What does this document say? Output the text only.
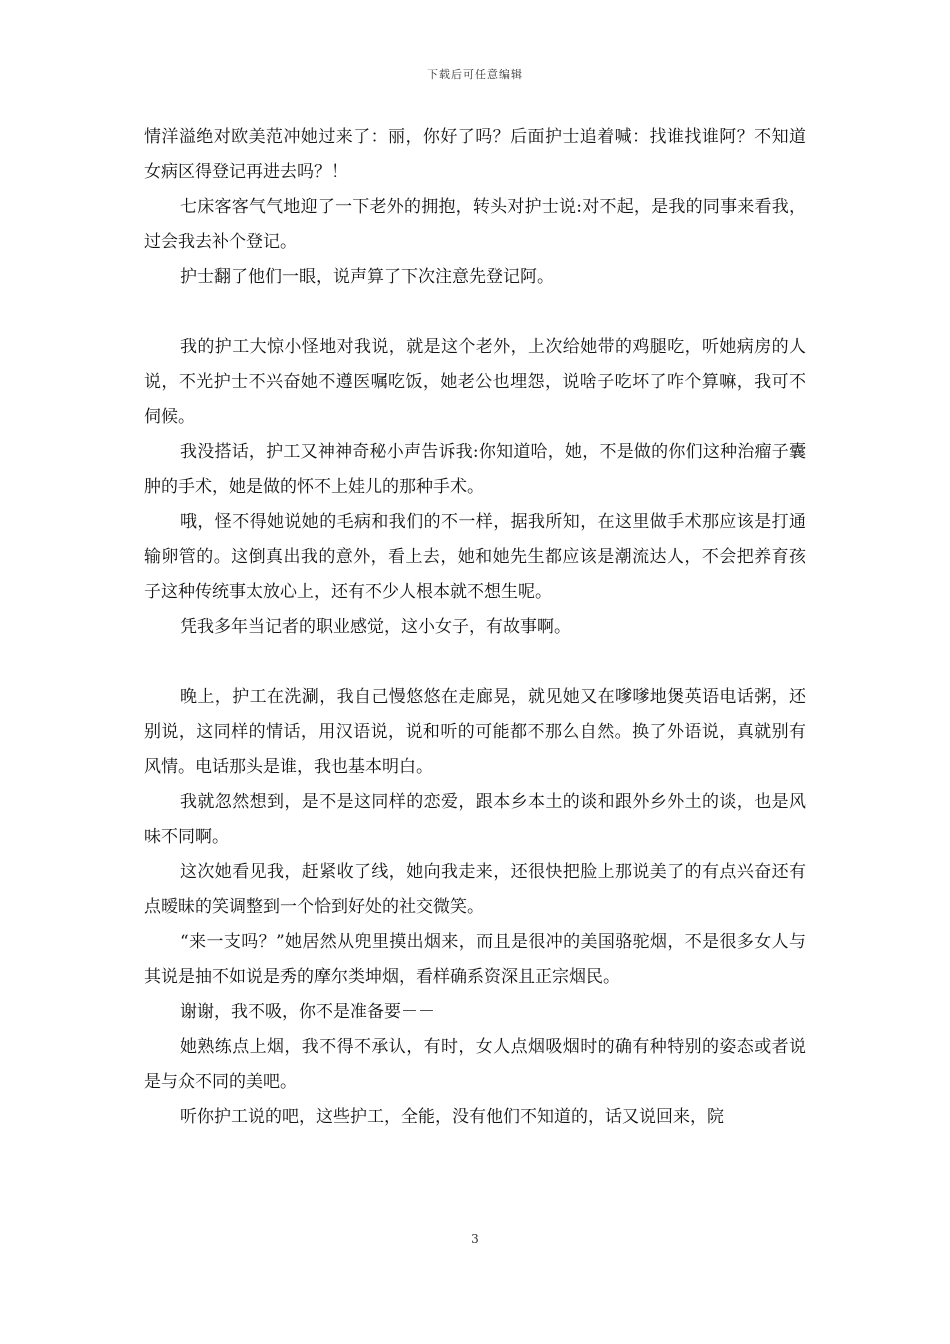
下载后可任意编辑

情洋溢绝对欧美范冲她过来了：丽，你好了吗？后面护士追着喊：找谁找谁阿？不知道女病区得登记再进去吗？！

七床客客气气地迎了一下老外的拥抱，转头对护士说:对不起，是我的同事来看我，过会我去补个登记。

护士翻了他们一眼，说声算了下次注意先登记阿。

我的护工大惊小怪地对我说，就是这个老外，上次给她带的鸡腿吃，听她病房的人说，不光护士不兴奋她不遵医嘱吃饭，她老公也埋怨，说啥子吃坏了咋个算嘛，我可不伺候。

我没搭话，护工又神神奇秘小声告诉我:你知道哈，她，不是做的你们这种治瘤子囊肿的手术，她是做的怀不上娃儿的那种手术。

哦，怪不得她说她的毛病和我们的不一样，据我所知，在这里做手术那应该是打通输卵管的。这倒真出我的意外，看上去，她和她先生都应该是潮流达人，不会把养育孩子这种传统事太放心上，还有不少人根本就不想生呢。

凭我多年当记者的职业感觉，这小女子，有故事啊。

晚上，护工在洗涮，我自己慢悠悠在走廊晃，就见她又在嗲嗲地煲英语电话粥，还别说，这同样的情话，用汉语说，说和听的可能都不那么自然。换了外语说，真就别有风情。电话那头是谁，我也基本明白。

我就忽然想到，是不是这同样的恋爱，跟本乡本土的谈和跟外乡外土的谈，也是风味不同啊。

这次她看见我，赶紧收了线，她向我走来，还很快把脸上那说美了的有点兴奋还有点暧昧的笑调整到一个恰到好处的社交微笑。

“来一支吗？”她居然从兜里摸出烟来，而且是很冲的美国骆驼烟，不是很多女人与其说是抽不如说是秀的摩尔类坤烟，看样确系资深且正宗烟民。

谢谢，我不吸，你不是准备要－－

她熟练点上烟，我不得不承认，有时，女人点烟吸烟时的确有种特别的姿态或者说是与众不同的美吧。

听你护工说的吧，这些护工，全能，没有他们不知道的，话又说回来，院

3
